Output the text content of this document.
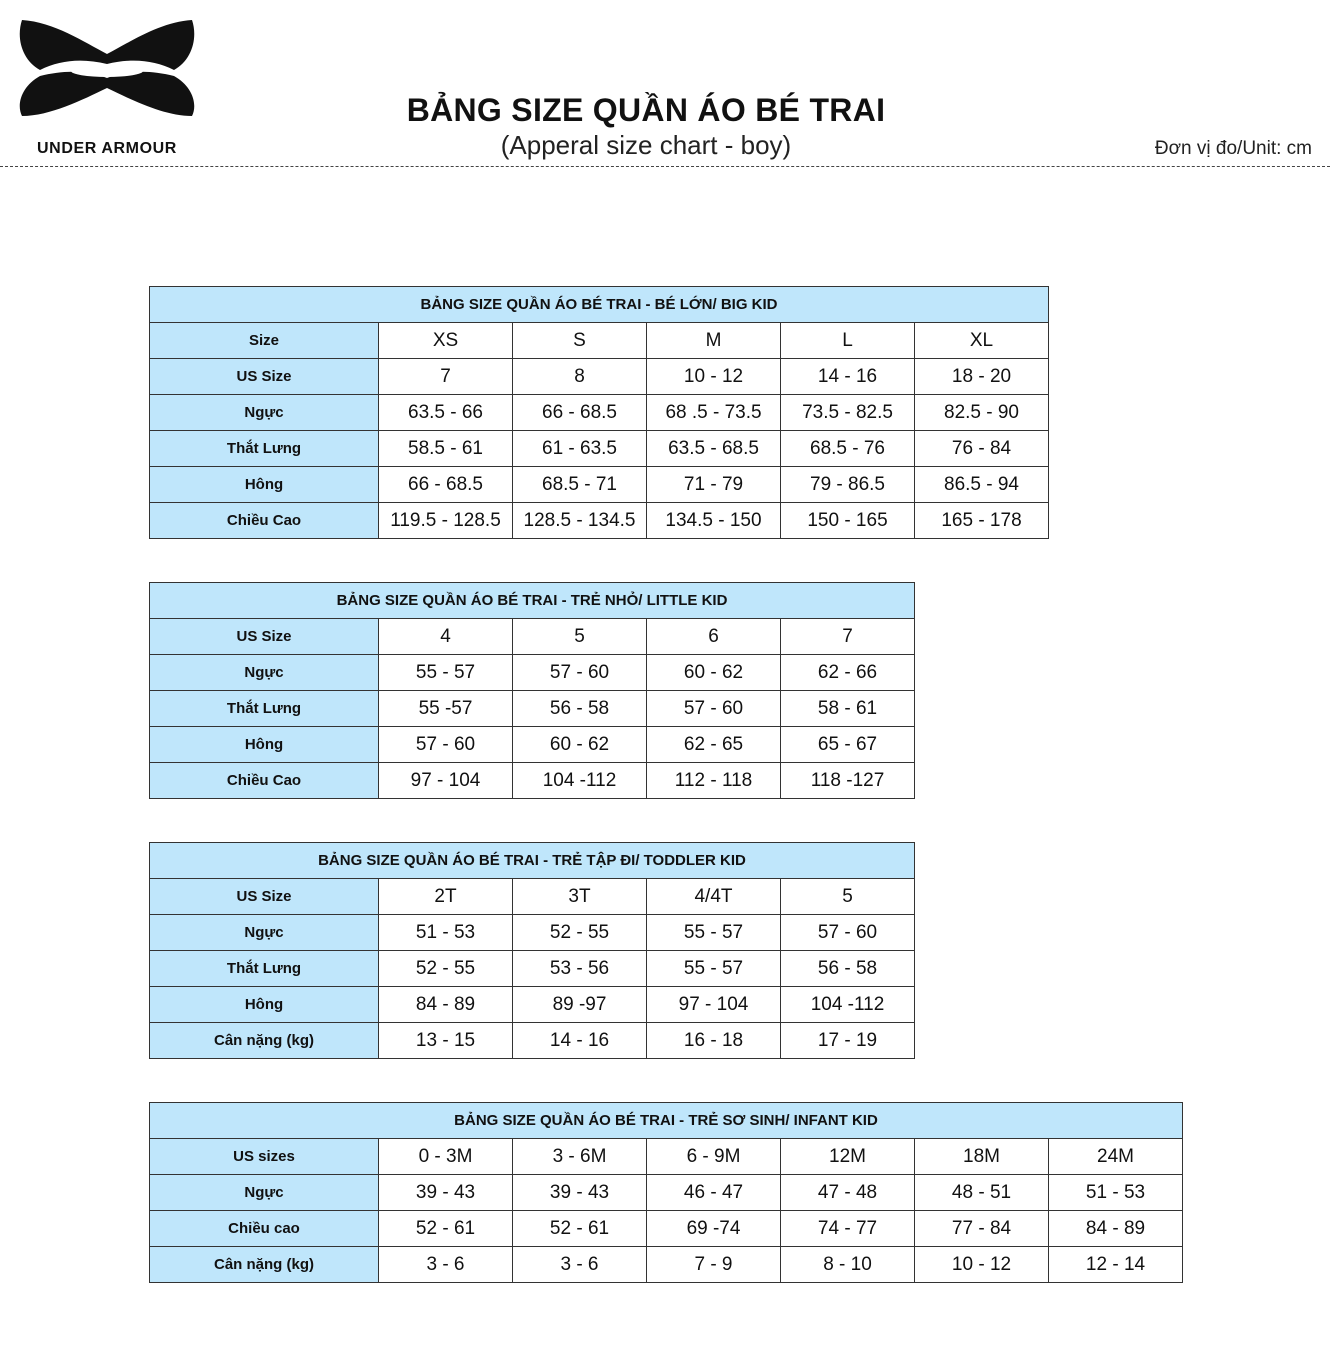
UNDER ARMOUR
BẢNG SIZE QUẦN ÁO BÉ TRAI
(Apperal size chart - boy)	Đơn vị đo/Unit: cm
BẢNG SIZE QUẦN ÁO BÉ TRAI - BÉ LỚN/ BIG KID					
Size	XS	S	M	L	XL
US Size	7	8	10 - 12	14 - 16	18 - 20
Ngực	63.5 - 66	66 - 68.5	68 .5 - 73.5	73.5 - 82.5	82.5 - 90
Thắt Lưng	58.5 - 61	61 - 63.5	63.5 - 68.5	68.5 - 76	76 - 84
Hông	66 - 68.5	68.5 - 71	71 - 79	79 - 86.5	86.5 - 94
Chiều Cao	119.5 - 128.5	128.5 - 134.5	134.5 - 150	150 - 165	165 - 178
BẢNG SIZE QUẦN ÁO BÉ TRAI - TRẺ NHỎ/ LITTLE KID				
US Size	4	5	6	7
Ngực	55 - 57	57 - 60	60 - 62	62 - 66
Thắt Lưng	55 -57	56 - 58	57 - 60	58 - 61
Hông	57 - 60	60 - 62	62 - 65	65 - 67
Chiều Cao	97 - 104	104 -112	112 - 118	118 -127
BẢNG SIZE QUẦN ÁO BÉ TRAI - TRẺ TẬP ĐI/ TODDLER KID				
US Size	2T	3T	4/4T	5
Ngực	51 - 53	52 - 55	55 - 57	57 - 60
Thắt Lưng	52 - 55	53 - 56	55 - 57	56 - 58
Hông	84 - 89	89 -97	97 - 104	104 -112
Cân nặng (kg)	13 - 15	14 - 16	16 - 18	17 - 19
BẢNG SIZE QUẦN ÁO BÉ TRAI - TRẺ SƠ SINH/ INFANT KID						
US sizes	0 - 3M	3 - 6M	6 - 9M	12M	18M	24M
Ngực	39 - 43	39 - 43	46 - 47	47 - 48	48 - 51	51 - 53
Chiều cao	52 - 61	52 - 61	69 -74	74 - 77	77 - 84	84 - 89
Cân nặng (kg)	3 - 6	3 - 6	7 - 9	8 - 10	10 - 12	12 - 14
